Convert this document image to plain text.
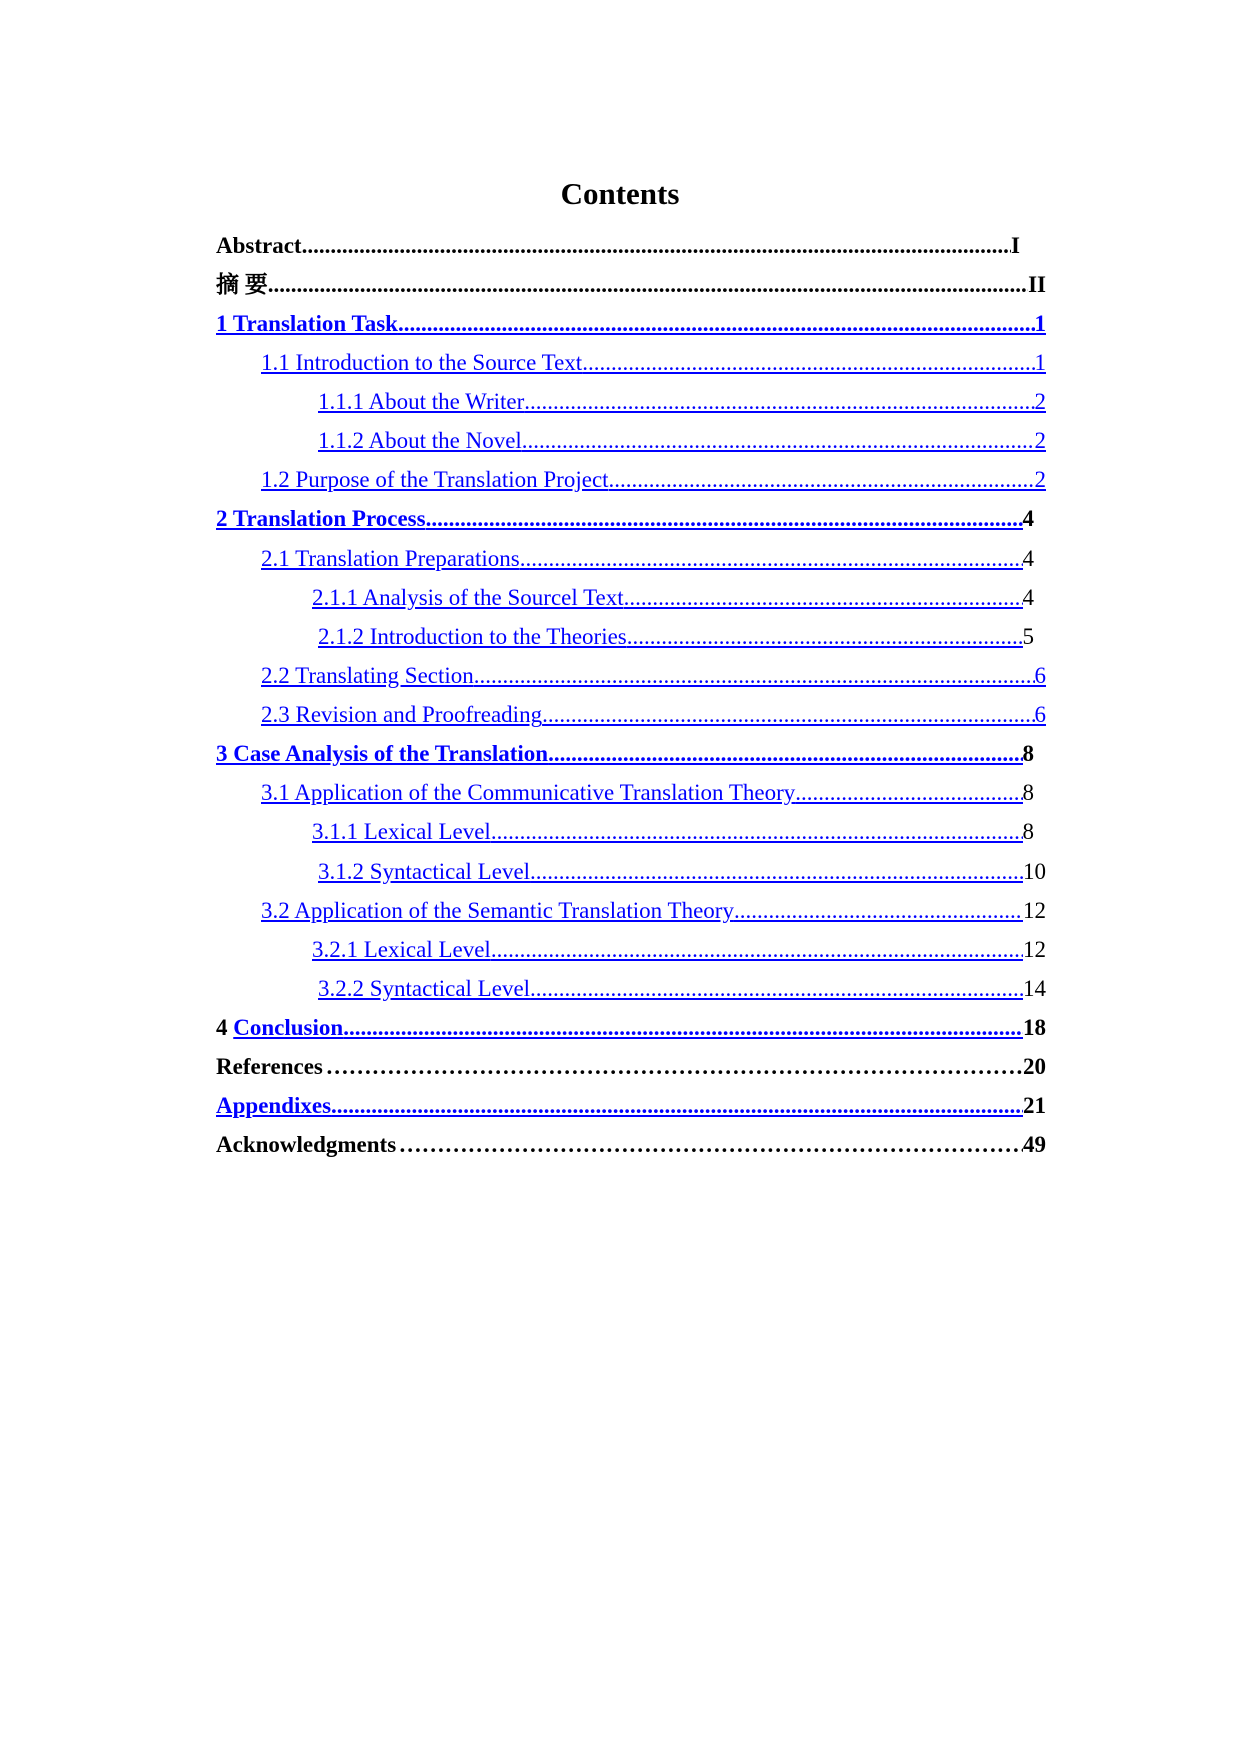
Contents
Abstract .....	I
摘 要 .....	II
1 Translation Task .....	1
1.1 Introduction to the Source Text .....	1
1.1.1 About the Writer .....	2
1.1.2 About the Novel .....	2
1.2 Purpose of the Translation Project .....	2
2 Translation Process .....	4
2.1 Translation Preparations .....	4
2.1.1 Analysis of the Sourcel Text .....	4
2.1.2 Introduction to the Theories .....	5
2.2 Translating Section .....	6
2.3 Revision and Proofreading .....	6
3 Case Analysis of the Translation .....	8
3.1 Application of the Communicative Translation Theory .....	8
3.1.1 Lexical Level .....	8
3.1.2 Syntactical Level .....	10
3.2 Application of the Semantic Translation Theory .....	12
3.2.1 Lexical Level .....	12
3.2.2 Syntactical Level .....	14
4 Conclusion .....	18
References ………………………………………………………………………………………………………………………………………………………………………………………………………………………………………………	20
Appendixes .....	21
Acknowledgments ………………………………………………………………………………………………………………………………………………………………………………………………………………………………………………	49
